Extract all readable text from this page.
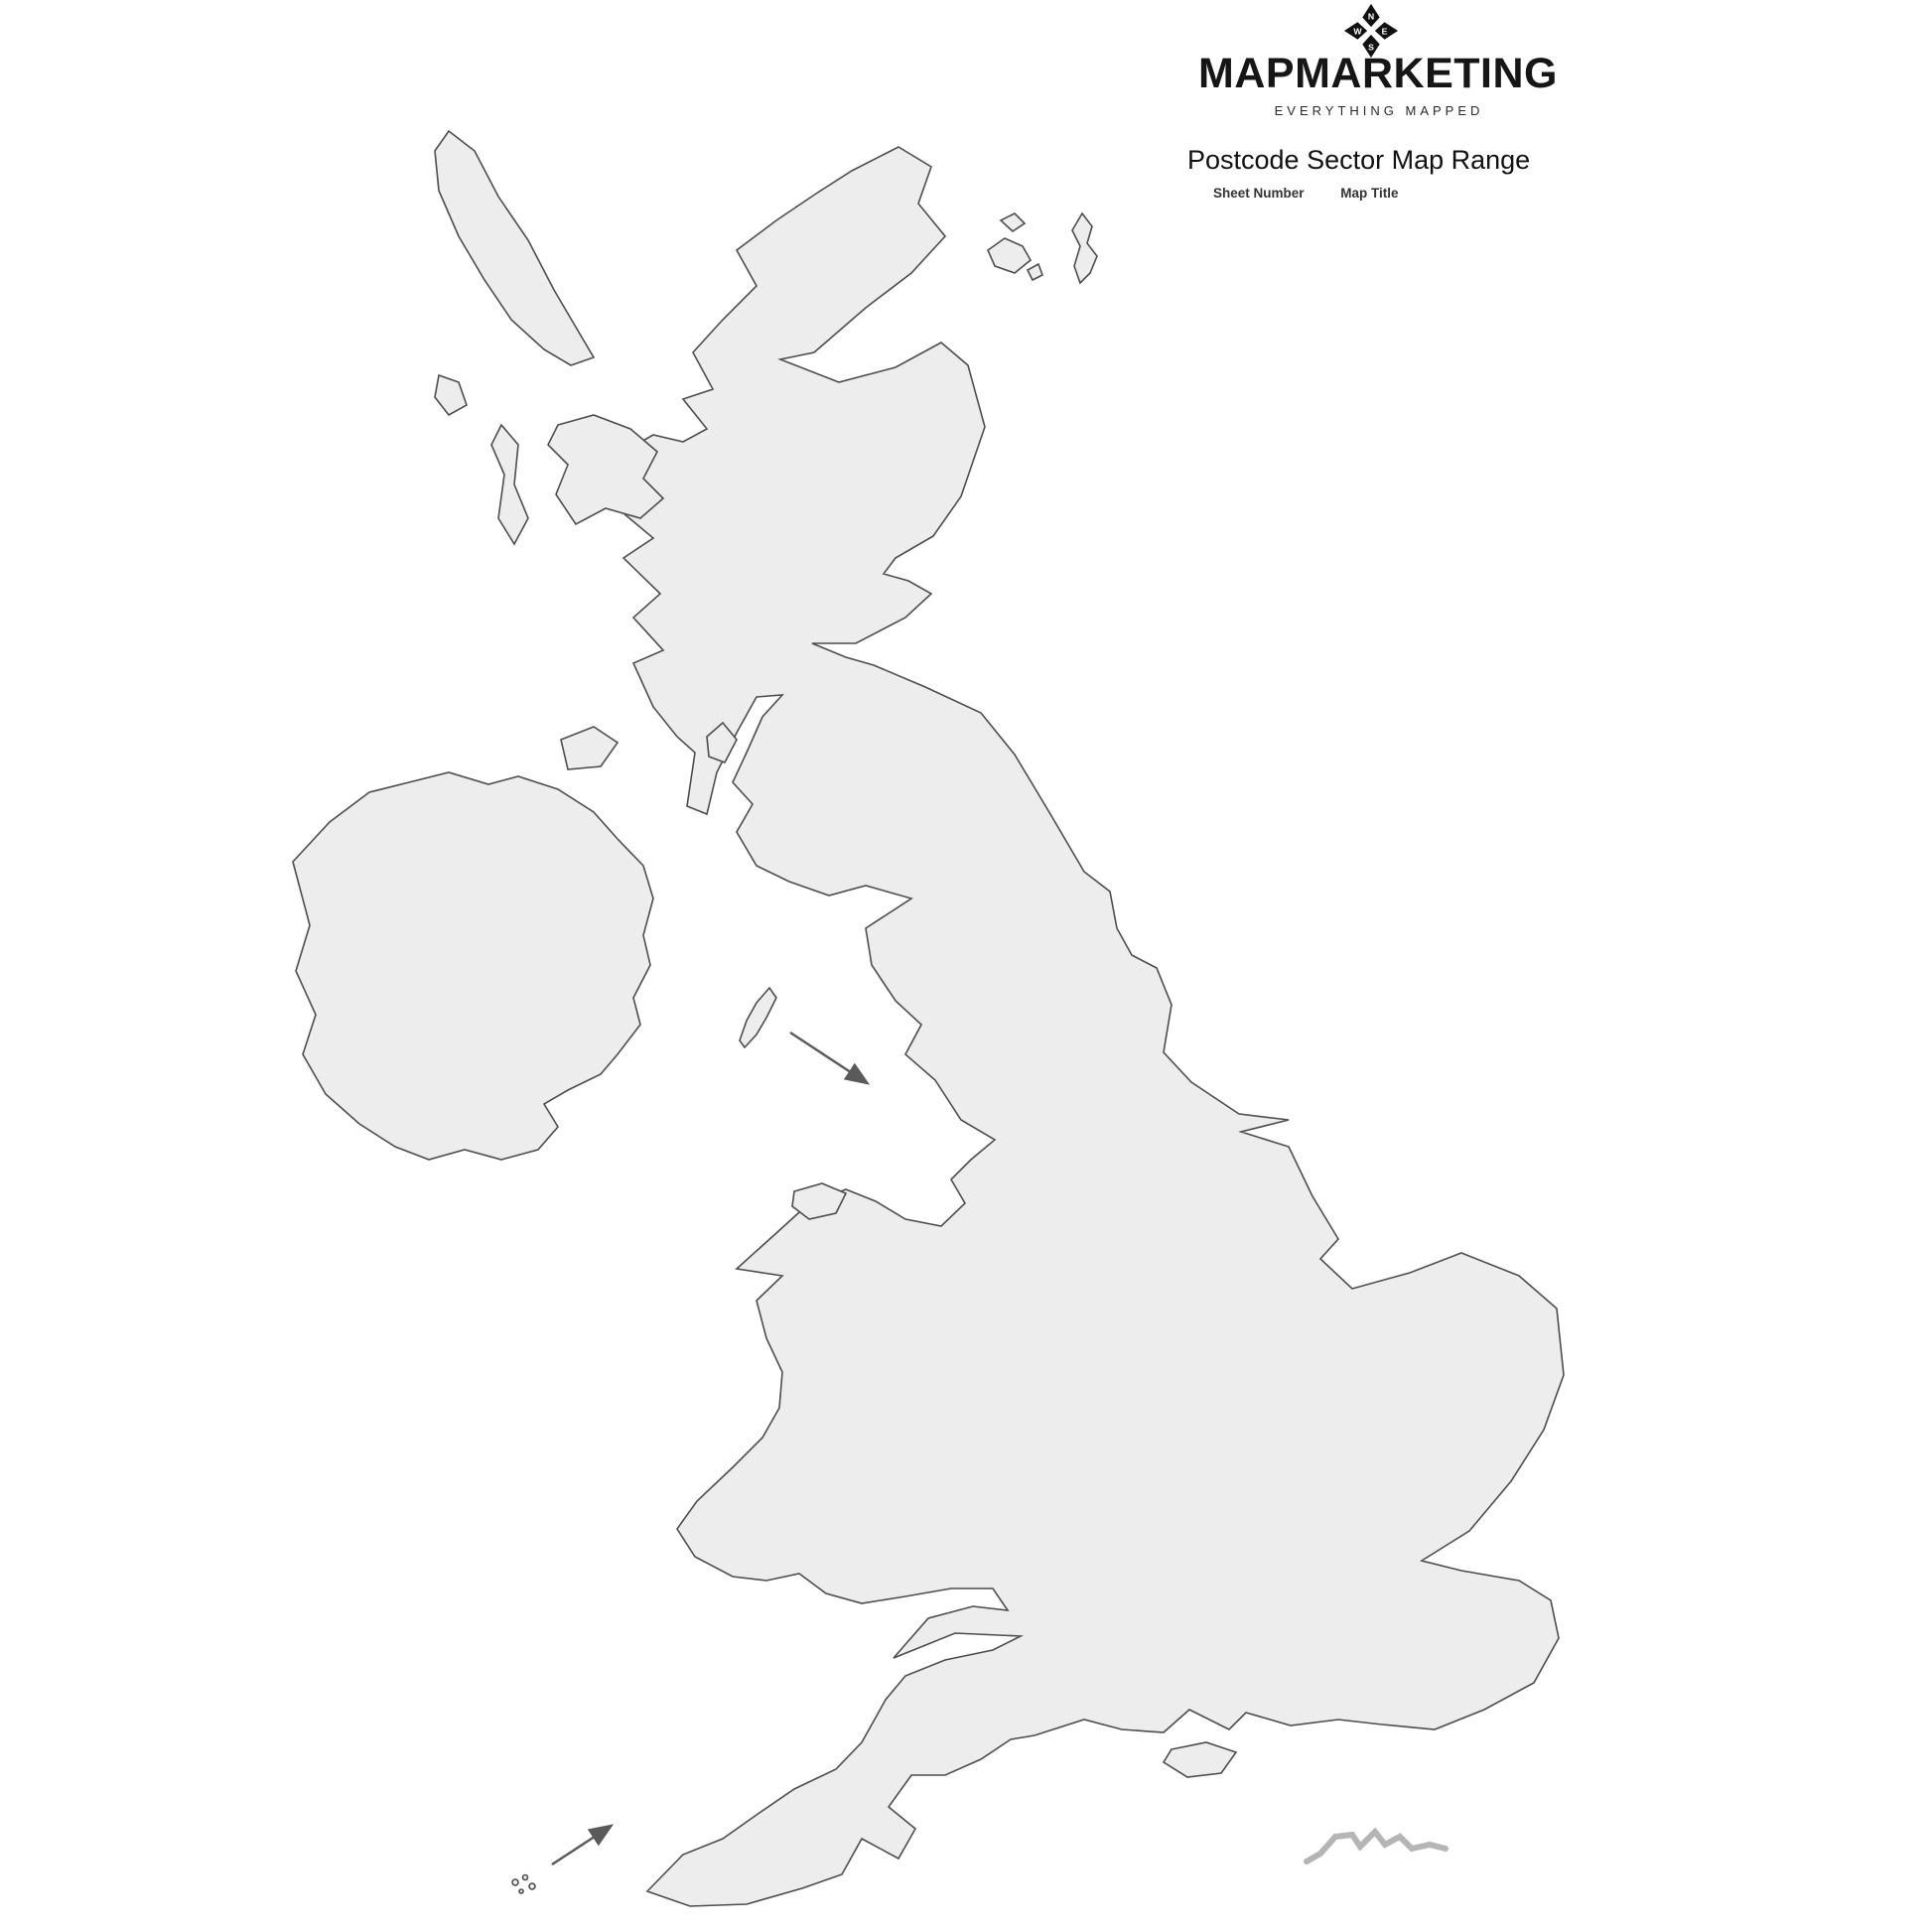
N
E
S
W
MAPMARKETING
EVERYTHING MAPPED
Postcode Sector Map Range
Sheet Number	Map Title
